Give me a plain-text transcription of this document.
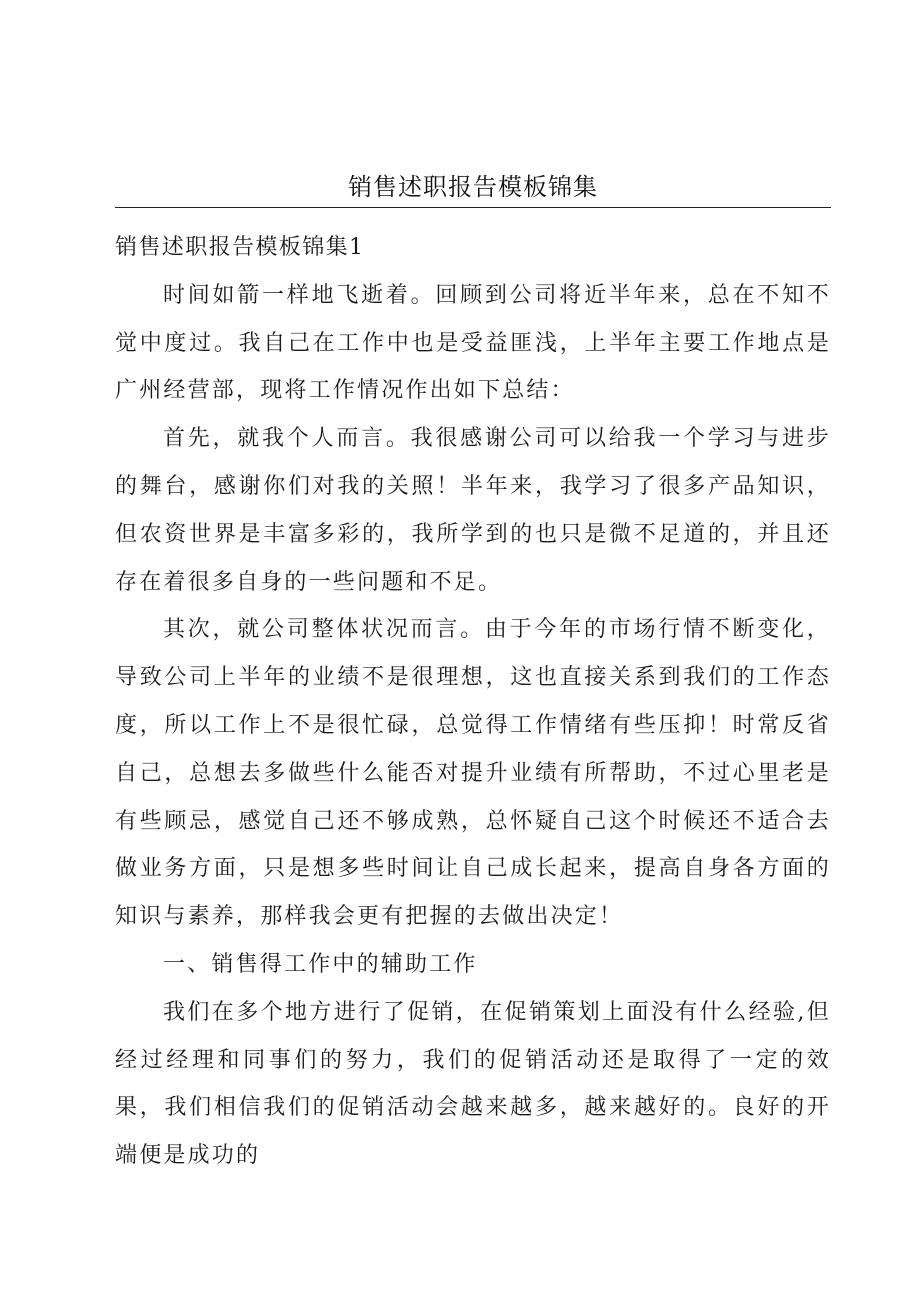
销售述职报告模板锦集

销售述职报告模板锦集1

时间如箭一样地飞逝着。回顾到公司将近半年来，总在不知不觉中度过。我自己在工作中也是受益匪浅，上半年主要工作地点是广州经营部，现将工作情况作出如下总结：

首先，就我个人而言。我很感谢公司可以给我一个学习与进步的舞台，感谢你们对我的关照！半年来，我学习了很多产品知识，但农资世界是丰富多彩的，我所学到的也只是微不足道的，并且还存在着很多自身的一些问题和不足。

其次，就公司整体状况而言。由于今年的市场行情不断变化，导致公司上半年的业绩不是很理想，这也直接关系到我们的工作态度，所以工作上不是很忙碌，总觉得工作情绪有些压抑！时常反省自己，总想去多做些什么能否对提升业绩有所帮助，不过心里老是有些顾忌，感觉自己还不够成熟，总怀疑自己这个时候还不适合去做业务方面，只是想多些时间让自己成长起来，提高自身各方面的知识与素养，那样我会更有把握的去做出决定！

一、销售得工作中的辅助工作

我们在多个地方进行了促销，在促销策划上面没有什么经验,但经过经理和同事们的努力，我们的促销活动还是取得了一定的效果，我们相信我们的促销活动会越来越多，越来越好的。良好的开端便是成功的
